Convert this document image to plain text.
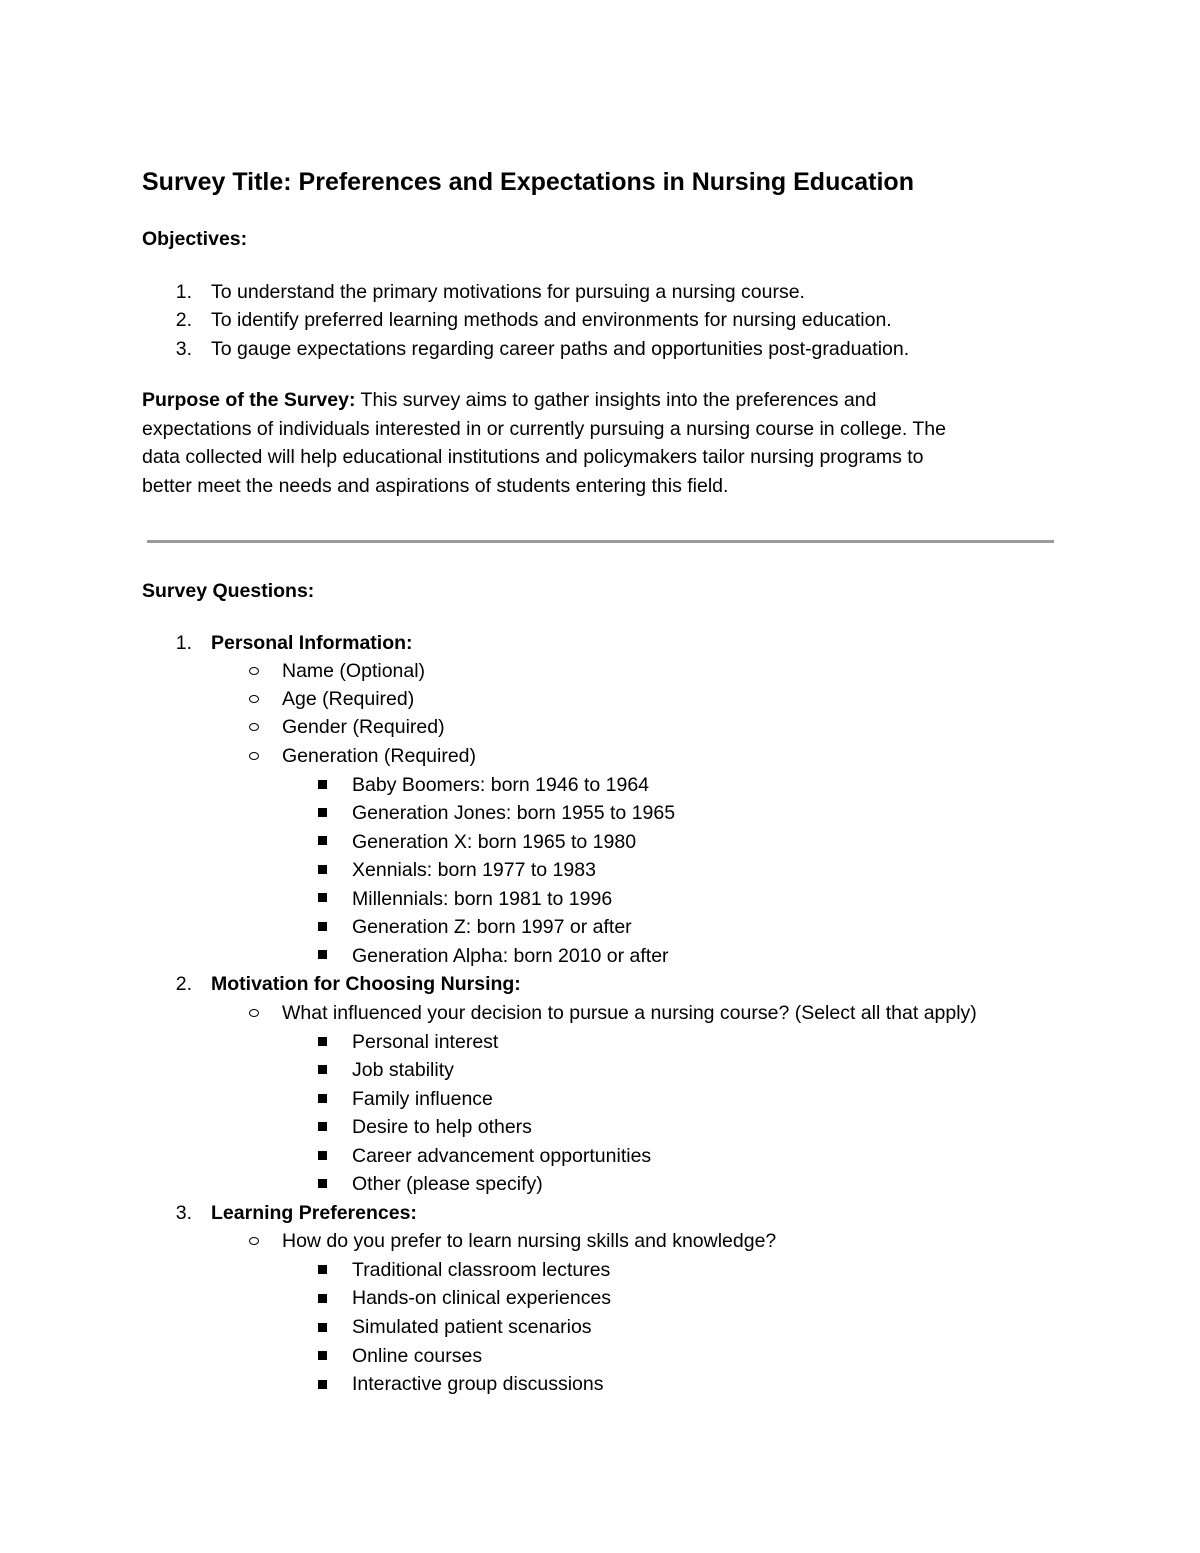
Survey Title: Preferences and Expectations in Nursing Education
Objectives:
1. To understand the primary motivations for pursuing a nursing course.
2. To identify preferred learning methods and environments for nursing education.
3. To gauge expectations regarding career paths and opportunities post-graduation.

Purpose of the Survey: This survey aims to gather insights into the preferences and
expectations of individuals interested in or currently pursuing a nursing course in college. The
data collected will help educational institutions and policymakers tailor nursing programs to
better meet the needs and aspirations of students entering this field.

Survey Questions:
1. Personal Information:
Name (Optional)
Age (Required)
Gender (Required)
Generation (Required)
Baby Boomers: born 1946 to 1964
Generation Jones: born 1955 to 1965
Generation X: born 1965 to 1980
Xennials: born 1977 to 1983
Millennials: born 1981 to 1996
Generation Z: born 1997 or after
Generation Alpha: born 2010 or after
2. Motivation for Choosing Nursing:
What influenced your decision to pursue a nursing course? (Select all that apply)
Personal interest
Job stability
Family influence
Desire to help others
Career advancement opportunities
Other (please specify)
3. Learning Preferences:
How do you prefer to learn nursing skills and knowledge?
Traditional classroom lectures
Hands-on clinical experiences
Simulated patient scenarios
Online courses
Interactive group discussions
